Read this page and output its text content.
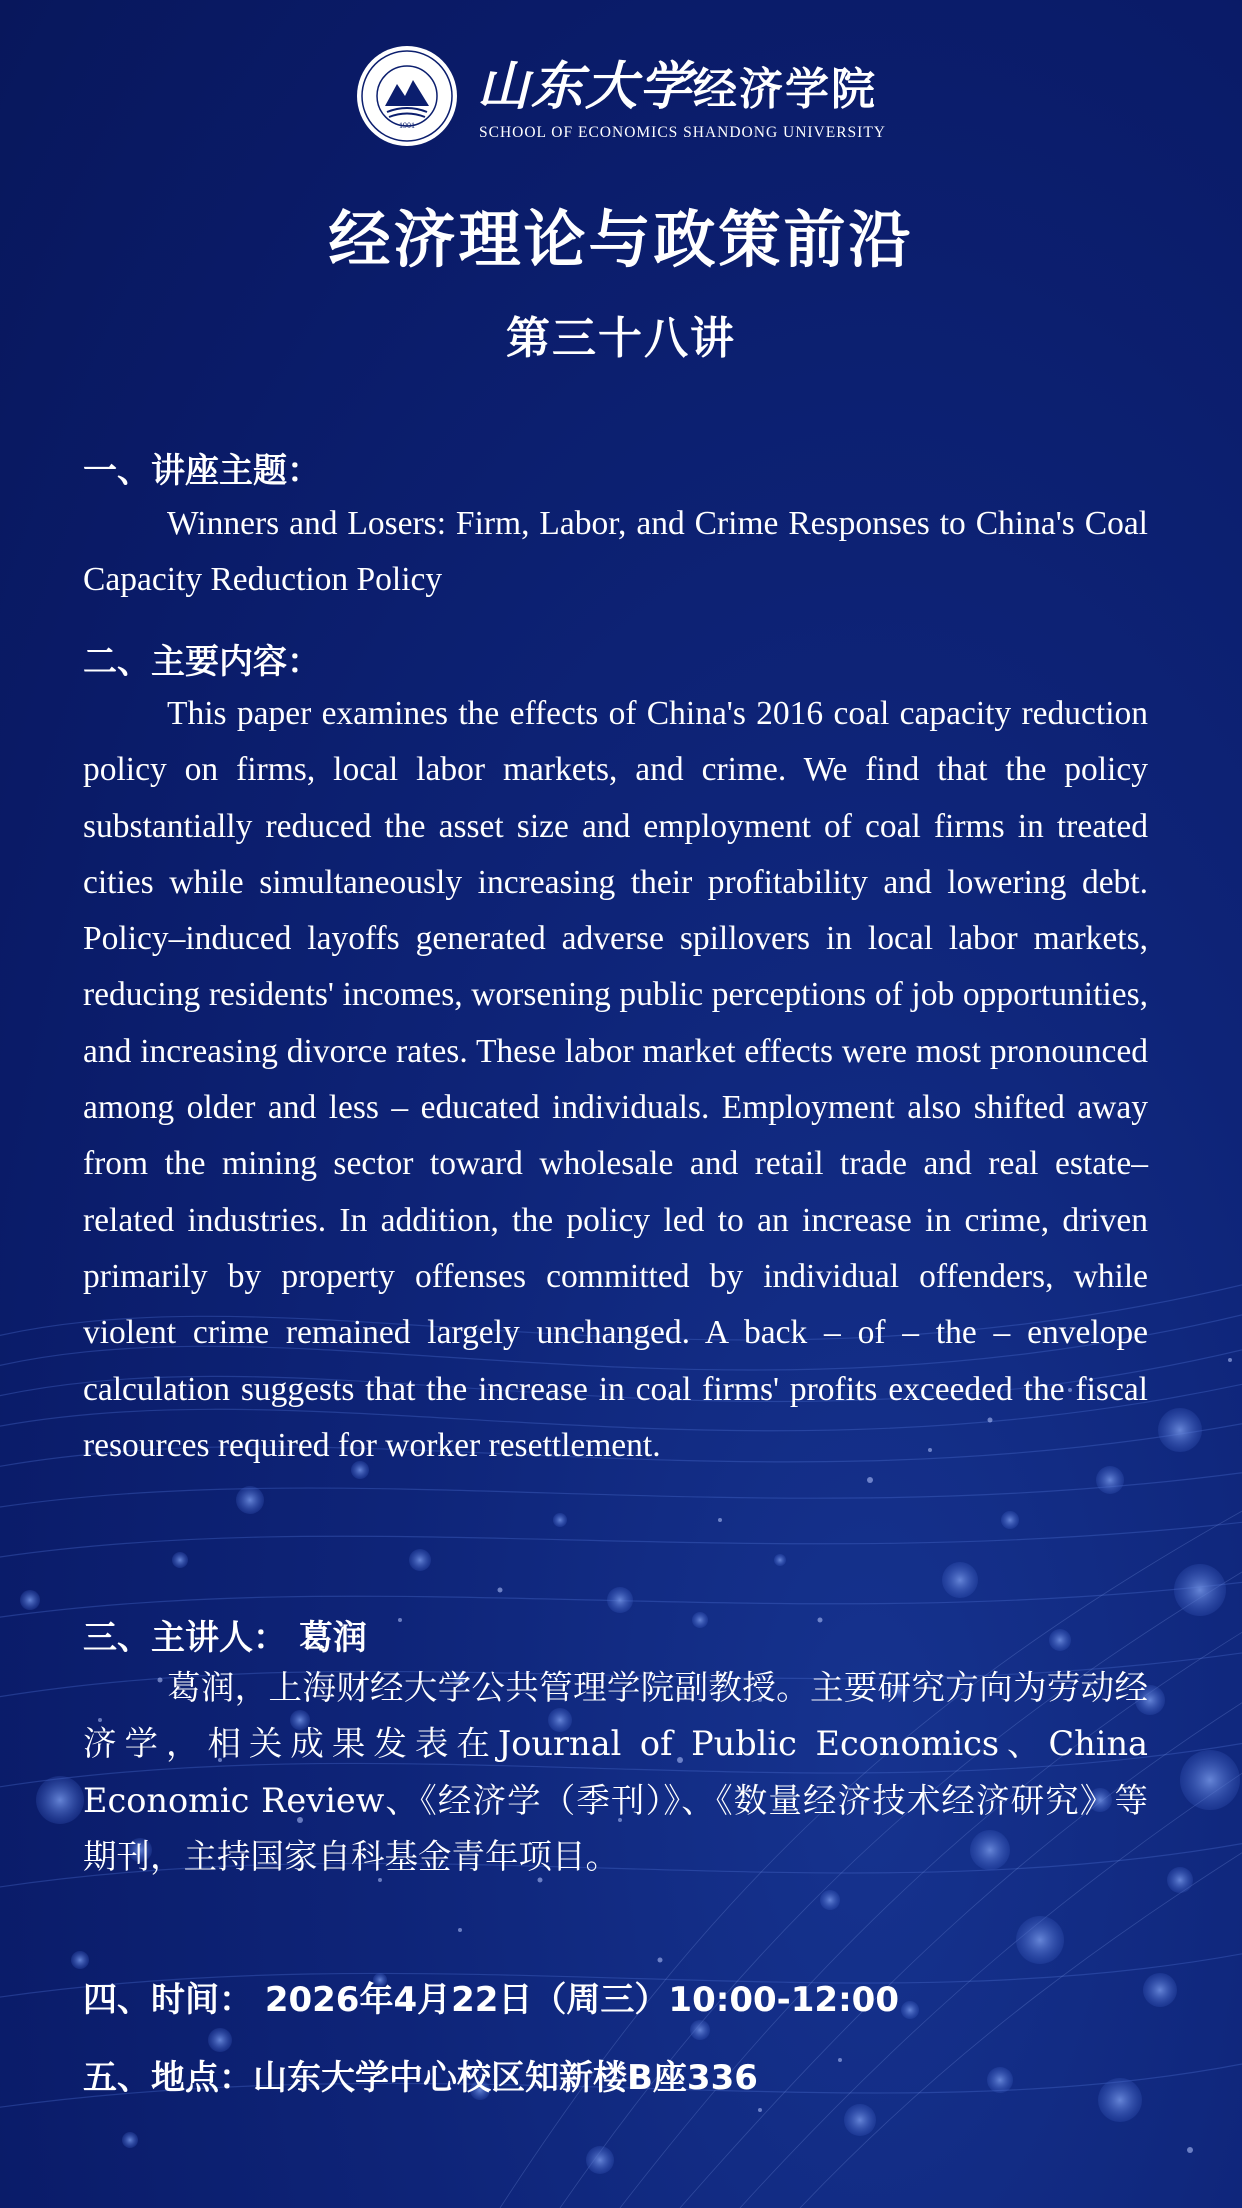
1901
山东大学经济学院
SCHOOL OF ECONOMICS SHANDONG UNIVERSITY
经济理论与政策前沿
第三十八讲
一、讲座主题：
Winners and Losers: Firm, Labor, and Crime Responses to China's Coal Capacity Reduction Policy
二、主要内容：
This paper examines the effects of China's 2016 coal capacity reduction policy on firms, local labor markets, and crime. We find that the policy substantially reduced the asset size and employment of coal firms in treated cities while simultaneously increasing their profitability and lowering debt. Policy–induced layoffs generated adverse spillovers in local labor markets, reducing residents' incomes, worsening public perceptions of job opportunities, and increasing divorce rates. These labor market effects were most pronounced among older and less – educated individuals. Employment also shifted away from the mining sector toward wholesale and retail trade and real estate–related industries. In addition, the policy led to an increase in crime, driven primarily by property offenses committed by individual offenders, while violent crime remained largely unchanged. A back – of – the – envelope calculation suggests that the increase in coal firms' profits exceeded the fiscal resources required for worker resettlement.
三、主讲人： 葛润
葛润，上海财经大学公共管理学院副教授。主要研究方向为劳动经济学，相关成果发表在Journal of Public Economics、China Economic Review、《经济学（季刊）》、《数量经济技术经济研究》等期刊，主持国家自科基金青年项目。
四、时间： 2026年4月22日（周三）10:00-12:00
五、地点：山东大学中心校区知新楼B座336
